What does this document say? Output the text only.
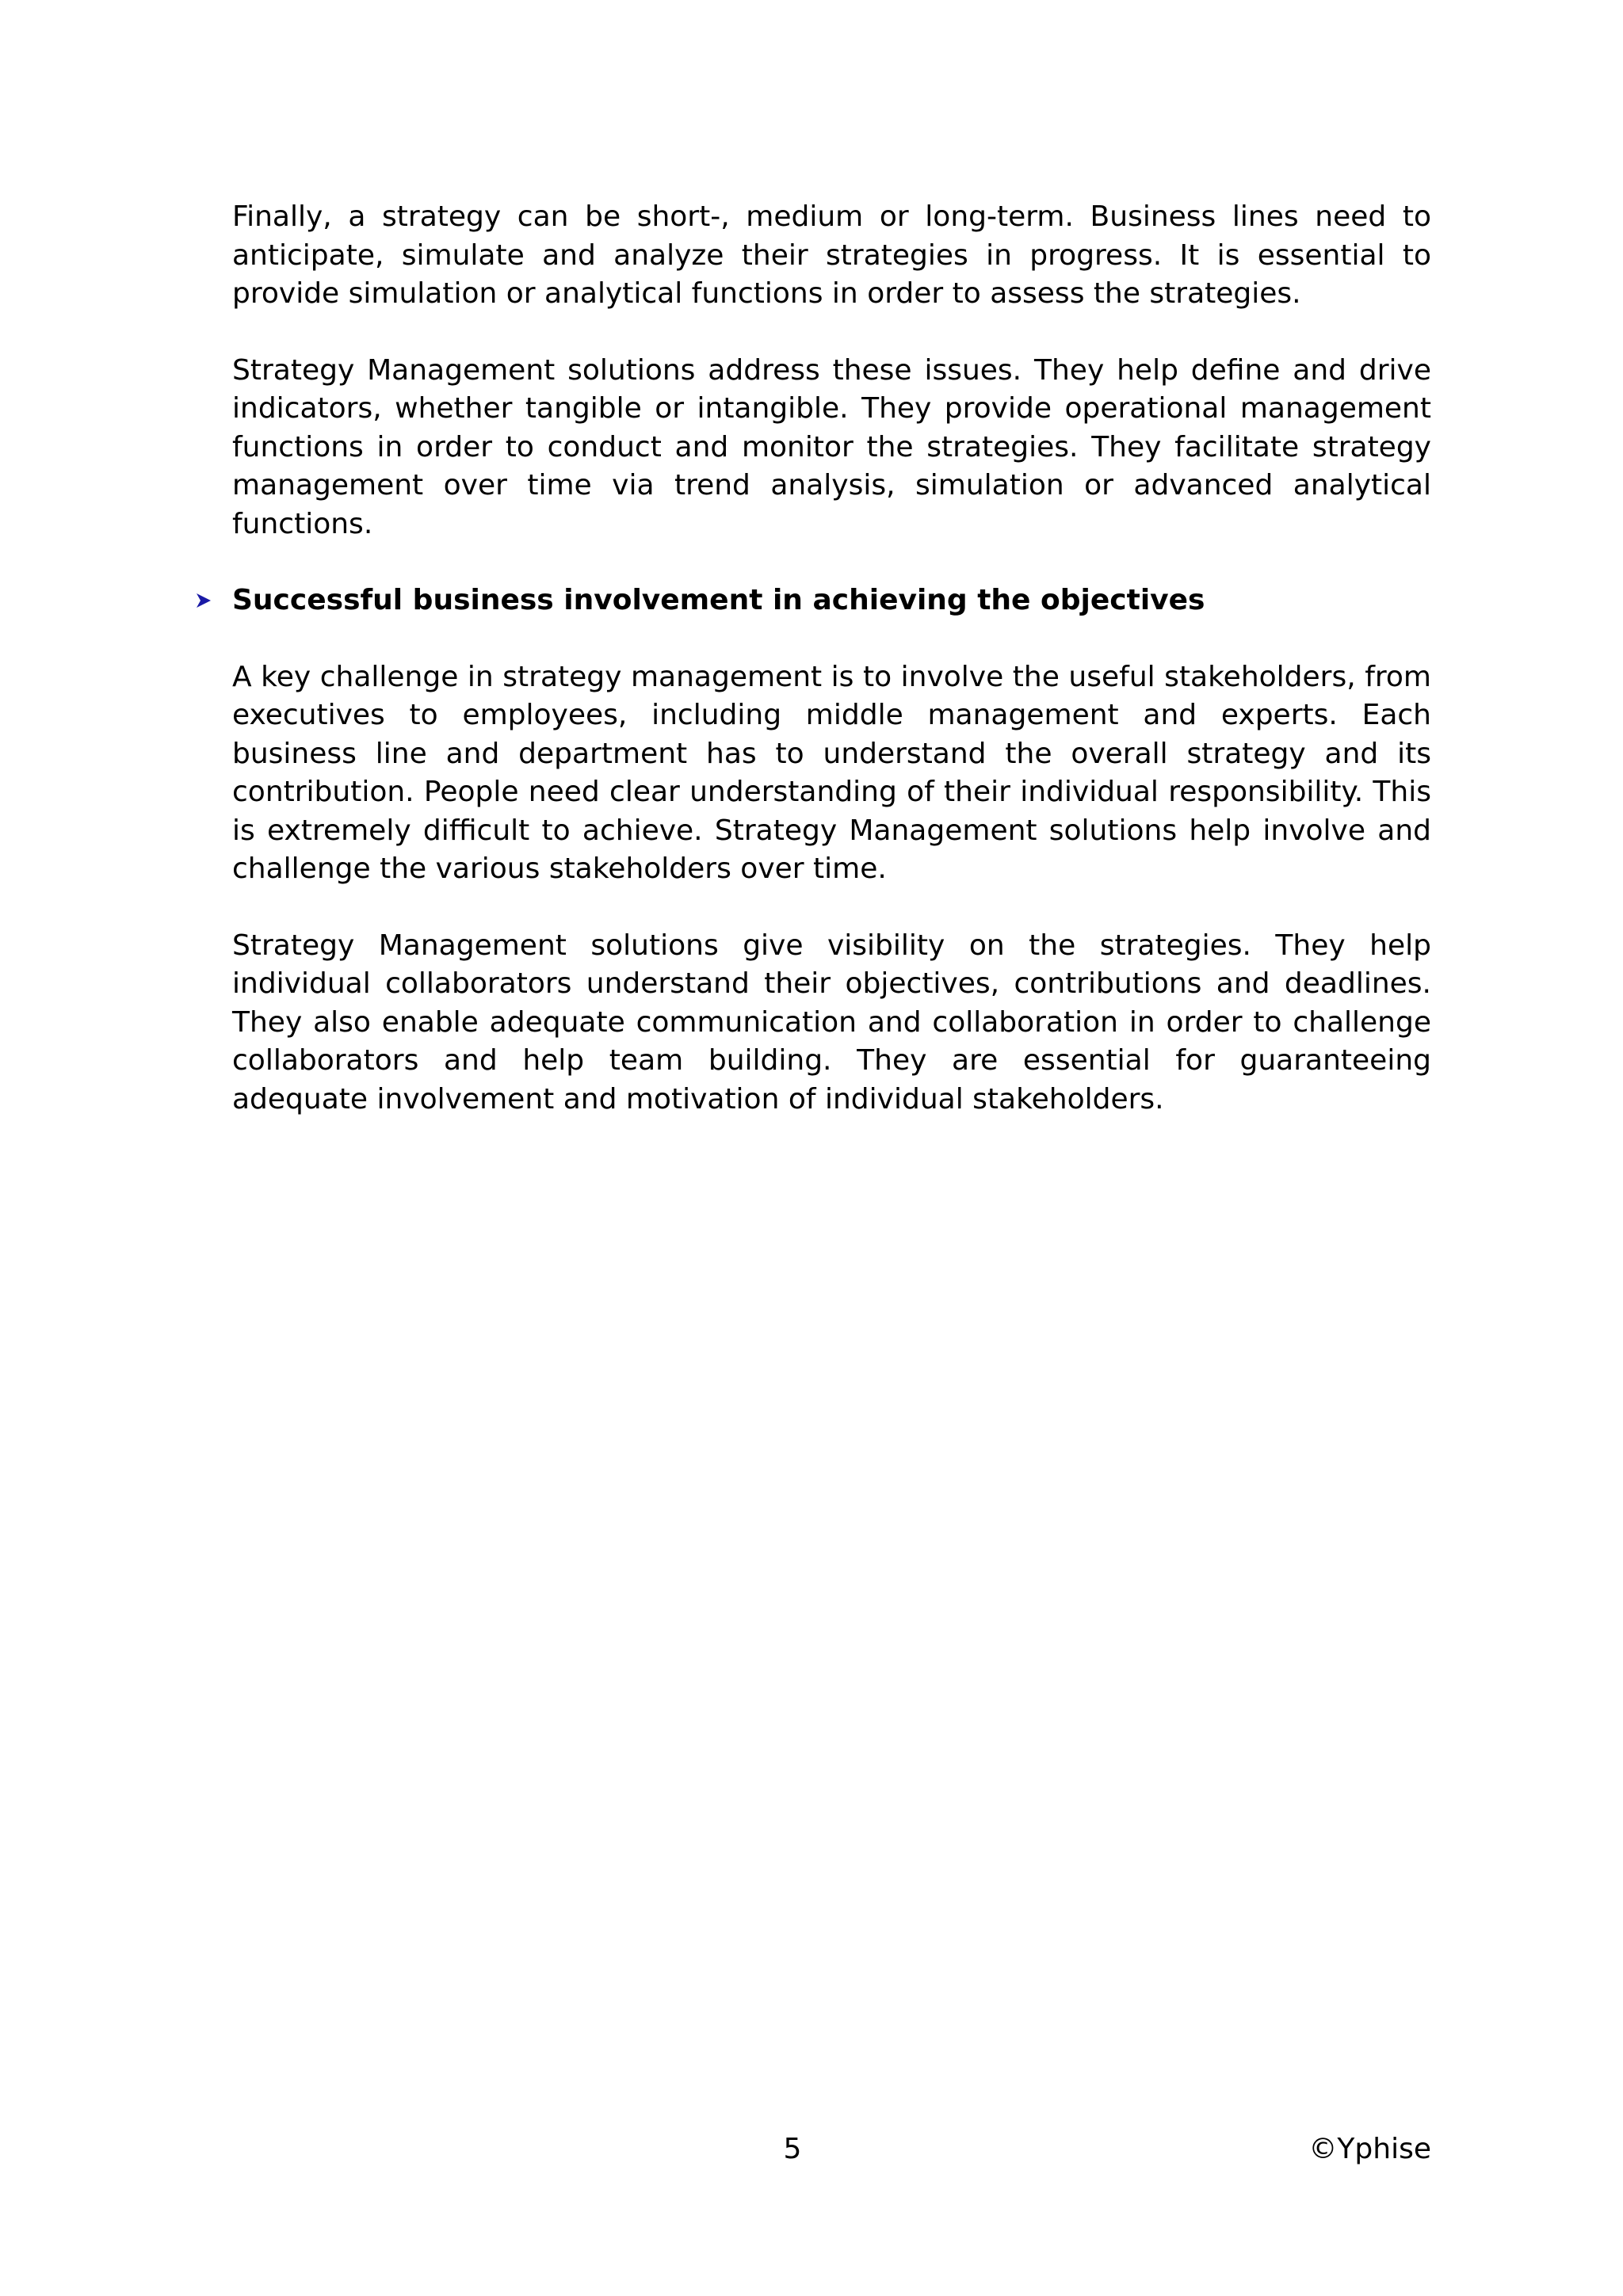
Finally, a strategy can be short-, medium or long-term. Business lines need to anticipate, simulate and analyze their strategies in progress. It is essential to provide simulation or analytical functions in order to assess the strategies.

Strategy Management solutions address these issues. They help define and drive indicators, whether tangible or intangible. They provide operational management functions in order to conduct and monitor the strategies. They facilitate strategy management over time via trend analysis, simulation or advanced analytical functions.

Successful business involvement in achieving the objectives

A key challenge in strategy management is to involve the useful stakeholders, from executives to employees, including middle management and experts. Each business line and department has to understand the overall strategy and its contribution. People need clear understanding of their individual responsibility. This is extremely difficult to achieve. Strategy Management solutions help involve and challenge the various stakeholders over time.

Strategy Management solutions give visibility on the strategies. They help individual collaborators understand their objectives, contributions and deadlines. They also enable adequate communication and collaboration in order to challenge collaborators and help team building. They are essential for guaranteeing adequate involvement and motivation of individual stakeholders.

5	©Yphise
